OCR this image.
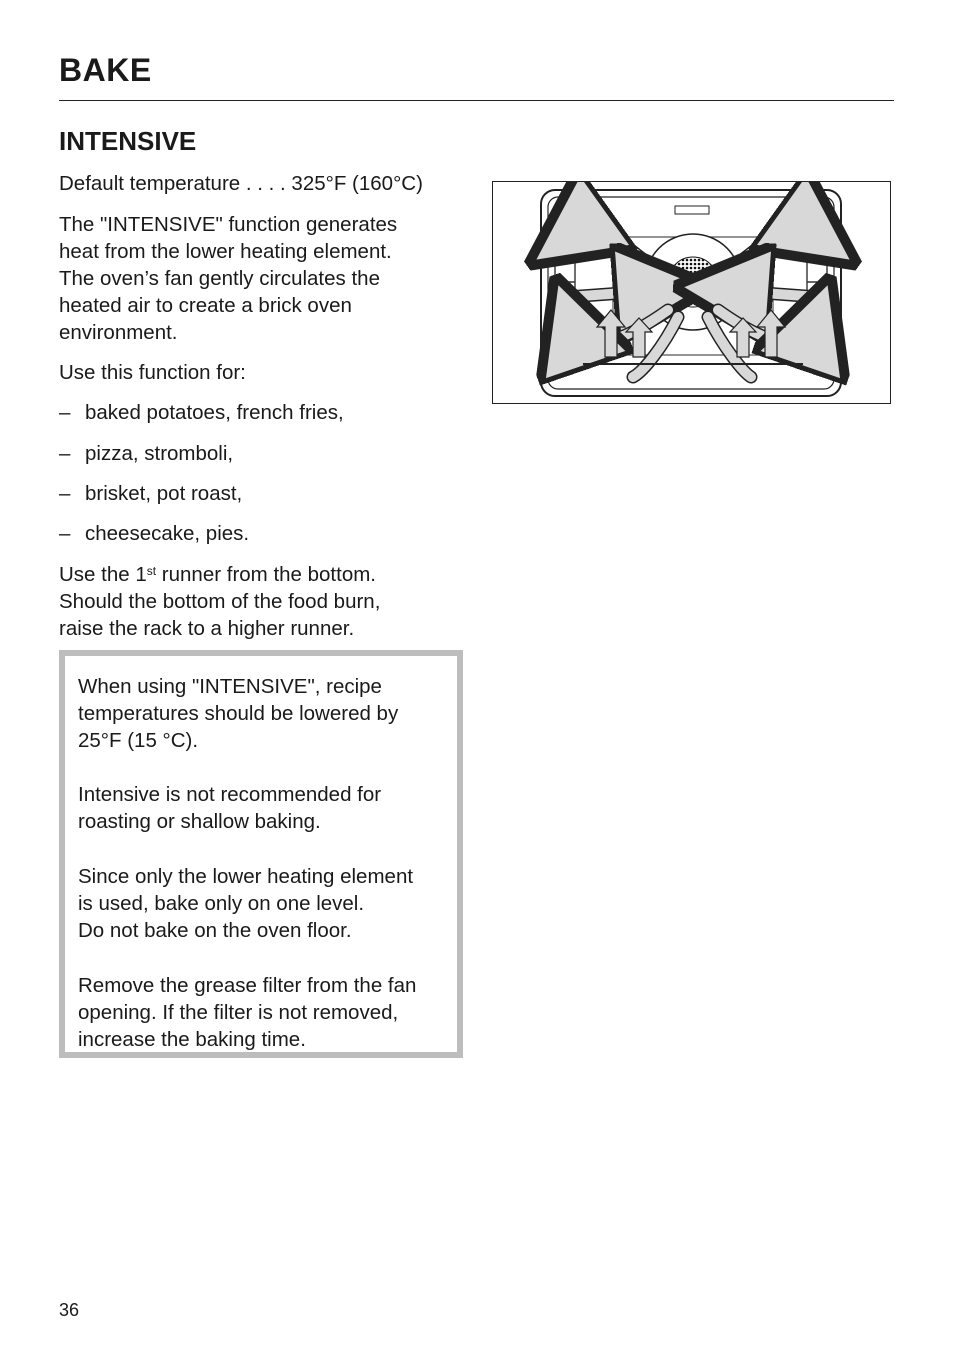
BAKE
INTENSIVE

Default temperature . . . . 325°F (160°C)

The "INTENSIVE" function generates
heat from the lower heating element.
The oven’s fan gently circulates the
heated air to create a brick oven
environment.

Use this function for:

– baked potatoes, french fries,

– pizza, stromboli,

– brisket, pot roast,

– cheesecake, pies.

Use the 1st runner from the bottom.
Should the bottom of the food burn,
raise the rack to a higher runner.
When using "INTENSIVE", recipe
temperatures should be lowered by
25°F (15 °C).
Intensive is not recommended for
roasting or shallow baking.
Since only the lower heating element
is used, bake only on one level.
Do not bake on the oven floor.
Remove the grease filter from the fan
opening. If the filter is not removed,
increase the baking time.

36
